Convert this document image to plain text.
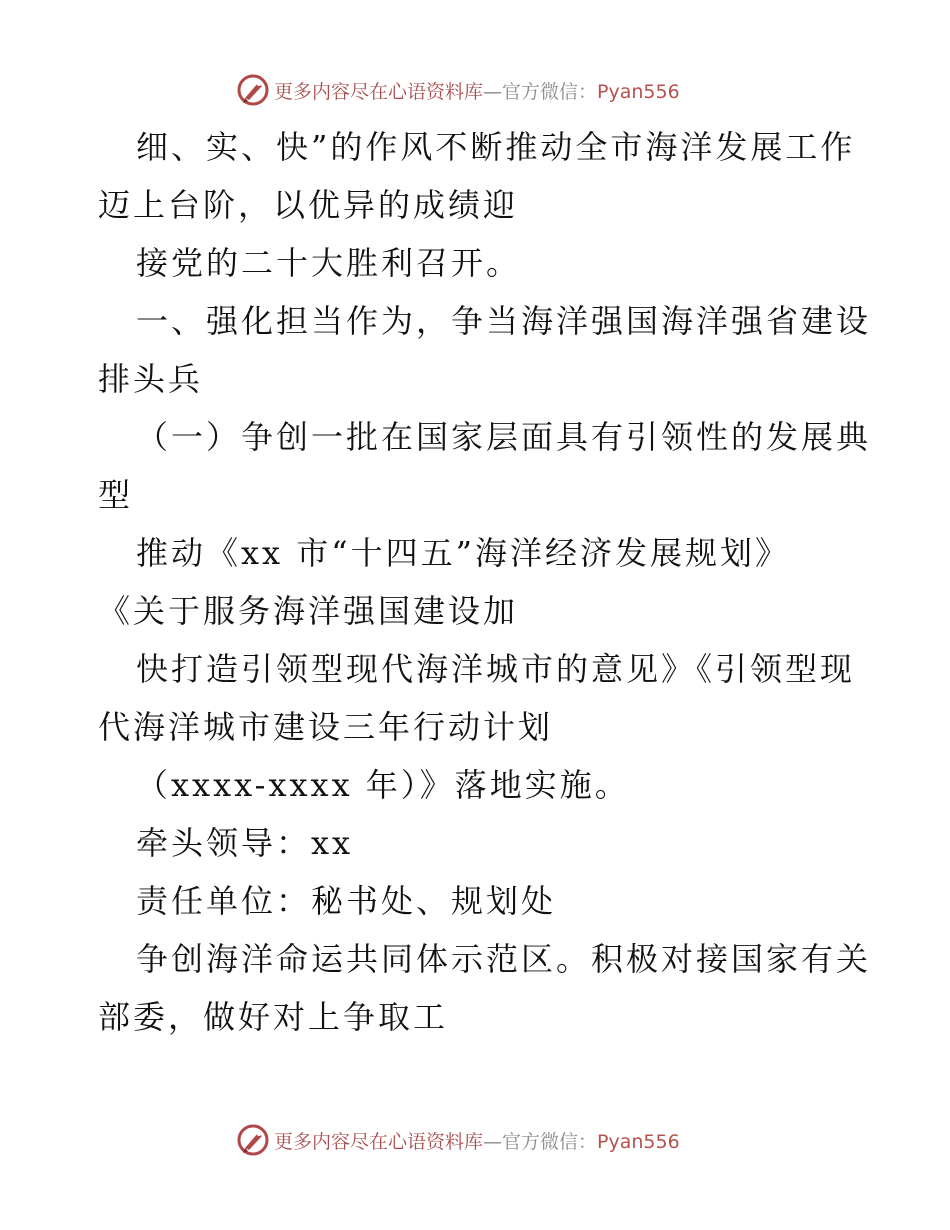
更多内容尽在心语资料库—官方微信：Pyan556
细、实、快”的作风不断推动全市海洋发展工作
迈上台阶，以优异的成绩迎
接党的二十大胜利召开。
一、强化担当作为，争当海洋强国海洋强省建设
排头兵
（一）争创一批在国家层面具有引领性的发展典
型
推动《xx 市“十四五”海洋经济发展规划》
《关于服务海洋强国建设加
快打造引领型现代海洋城市的意见》《引领型现
代海洋城市建设三年行动计划
（xxxx-xxxx 年）》落地实施。
牵头领导：xx
责任单位：秘书处、规划处
争创海洋命运共同体示范区。积极对接国家有关
部委，做好对上争取工
更多内容尽在心语资料库—官方微信：Pyan556
